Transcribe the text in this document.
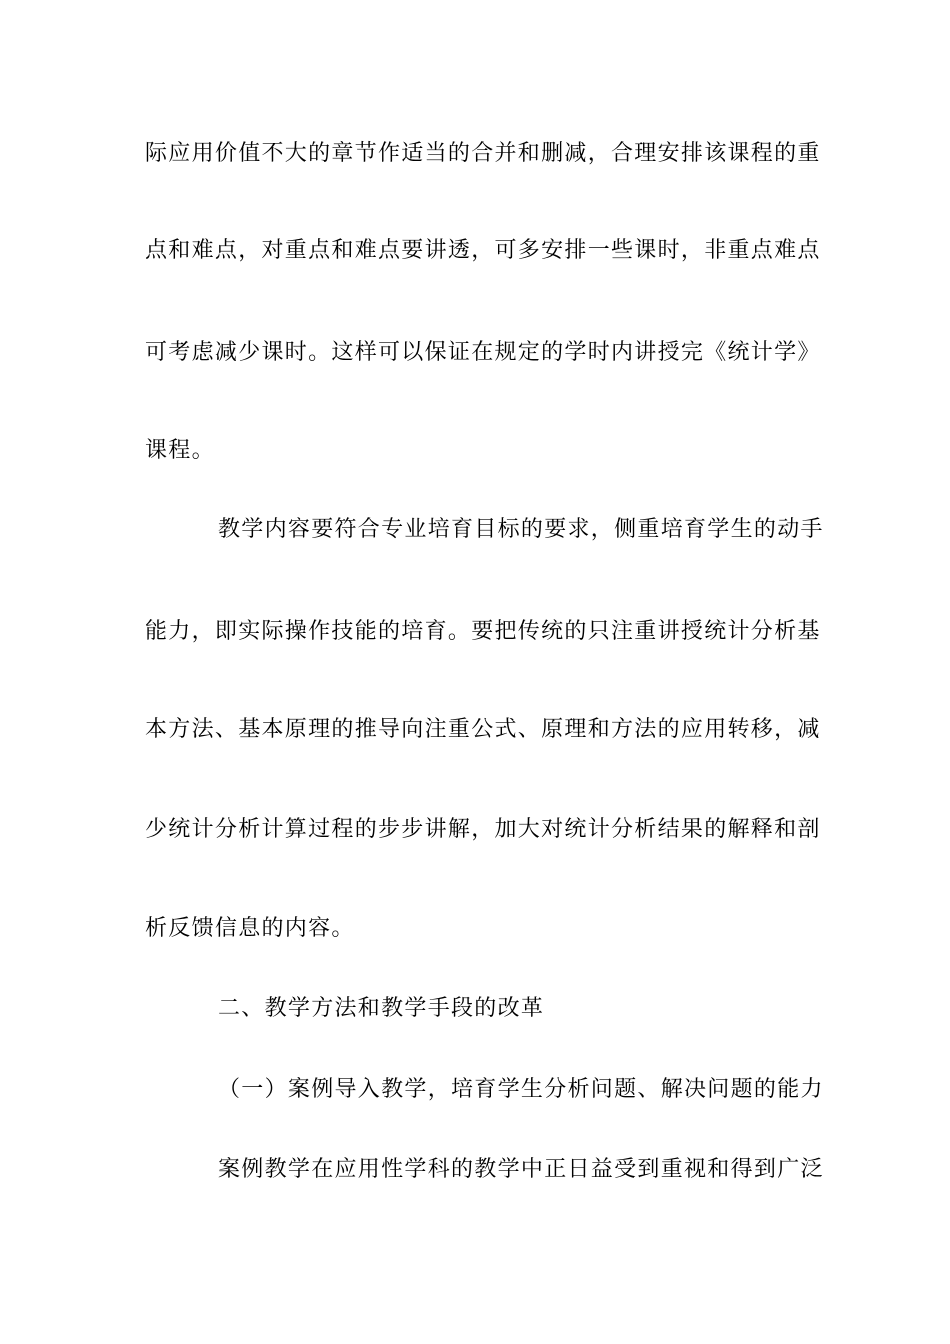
际应用价值不大的章节作适当的合并和删减，合理安排该课程的重
点和难点，对重点和难点要讲透，可多安排一些课时，非重点难点
可考虑减少课时。这样可以保证在规定的学时内讲授完《统计学》
课程。
教学内容要符合专业培育目标的要求，侧重培育学生的动手
能力，即实际操作技能的培育。要把传统的只注重讲授统计分析基
本方法、基本原理的推导向注重公式、原理和方法的应用转移，减
少统计分析计算过程的步步讲解，加大对统计分析结果的解释和剖
析反馈信息的内容。
二、教学方法和教学手段的改革
（一）案例导入教学，培育学生分析问题、解决问题的能力
案例教学在应用性学科的教学中正日益受到重视和得到广泛
